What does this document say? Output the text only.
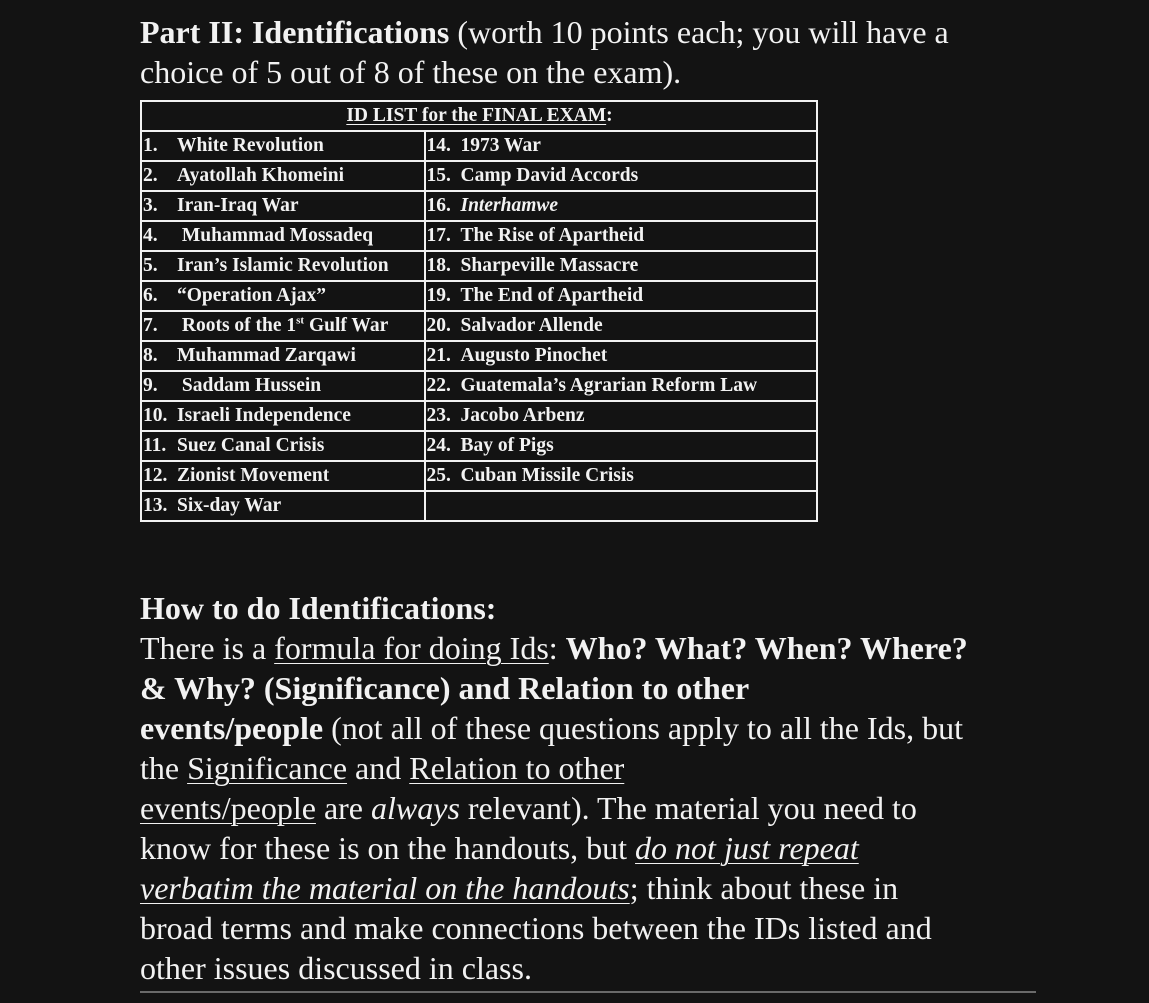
Part II: Identifications (worth 10 points each; you will have a

choice of 5 out of 8 of these on the exam).

ID LIST for the FINAL EXAM:	
1. White Revolution	14. 1973 War
2. Ayatollah Khomeini	15. Camp David Accords
3. Iran-Iraq War	16. Interhamwe
4. Muhammad Mossadeq	17. The Rise of Apartheid
5. Iran’s Islamic Revolution	18. Sharpeville Massacre
6. “Operation Ajax”	19. The End of Apartheid
7. Roots of the 1st Gulf War	20. Salvador Allende
8. Muhammad Zarqawi	21. Augusto Pinochet
9. Saddam Hussein	22. Guatemala’s Agrarian Reform Law
10. Israeli Independence	23. Jacobo Arbenz
11. Suez Canal Crisis	24. Bay of Pigs
12. Zionist Movement	25. Cuban Missile Crisis
13. Six-day War	

How to do Identifications:

There is a formula for doing Ids: Who? What? When? Where?

& Why? (Significance) and Relation to other

events/people (not all of these questions apply to all the Ids, but

the Significance and Relation to other

events/people are always relevant). The material you need to

know for these is on the handouts, but do not just repeat

verbatim the material on the handouts; think about these in

broad terms and make connections between the IDs listed and

other issues discussed in class.
